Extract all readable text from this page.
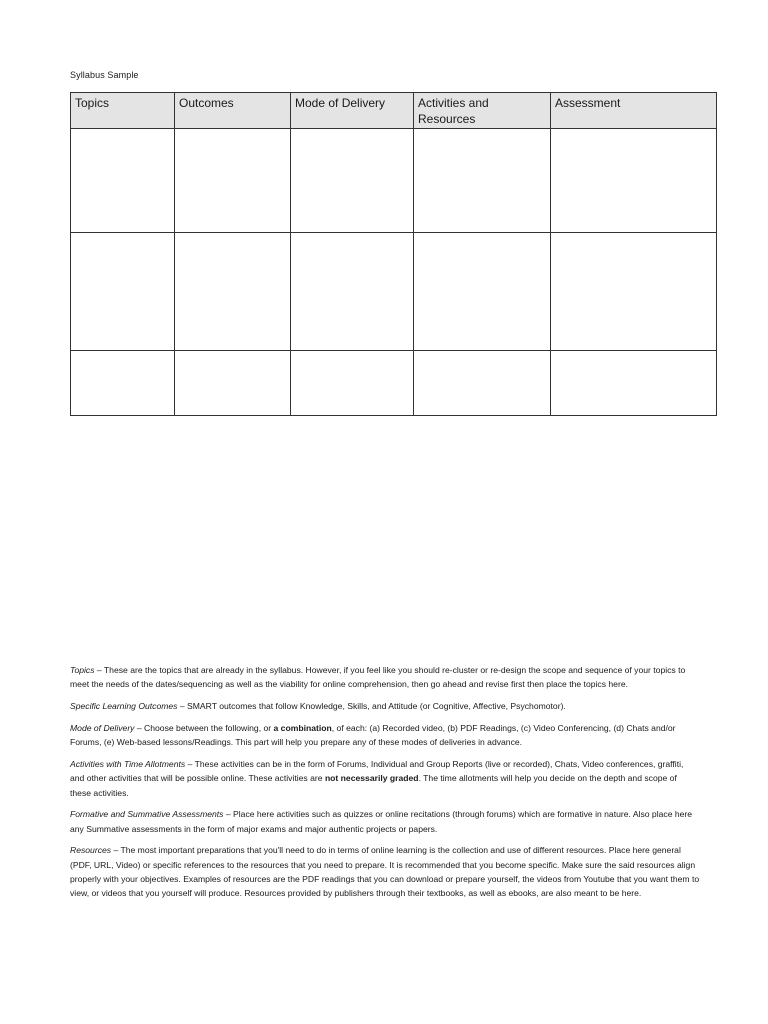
Syllabus Sample
Topics	Outcomes	Mode of Delivery	Activities and Resources	Assessment

Topics – These are the topics that are already in the syllabus. However, if you feel like you should re-cluster or re-design the scope and sequence of your topics to meet the needs of the dates/sequencing as well as the viability for online comprehension, then go ahead and revise first then place the topics here.

Specific Learning Outcomes – SMART outcomes that follow Knowledge, Skills, and Attitude (or Cognitive, Affective, Psychomotor).

Mode of Delivery – Choose between the following, or a combination, of each: (a) Recorded video, (b) PDF Readings, (c) Video Conferencing, (d) Chats and/or Forums, (e) Web-based lessons/Readings. This part will help you prepare any of these modes of deliveries in advance.

Activities with Time Allotments – These activities can be in the form of Forums, Individual and Group Reports (live or recorded), Chats, Video conferences, graffiti, and other activities that will be possible online. These activities are not necessarily graded. The time allotments will help you decide on the depth and scope of these activities.

Formative and Summative Assessments – Place here activities such as quizzes or online recitations (through forums) which are formative in nature. Also place here any Summative assessments in the form of major exams and major authentic projects or papers.

Resources – The most important preparations that you'll need to do in terms of online learning is the collection and use of different resources. Place here general (PDF, URL, Video) or specific references to the resources that you need to prepare. It is recommended that you become specific. Make sure the said resources align properly with your objectives. Examples of resources are the PDF readings that you can download or prepare yourself, the videos from Youtube that you want them to view, or videos that you yourself will produce. Resources provided by publishers through their textbooks, as well as ebooks, are also meant to be here.
